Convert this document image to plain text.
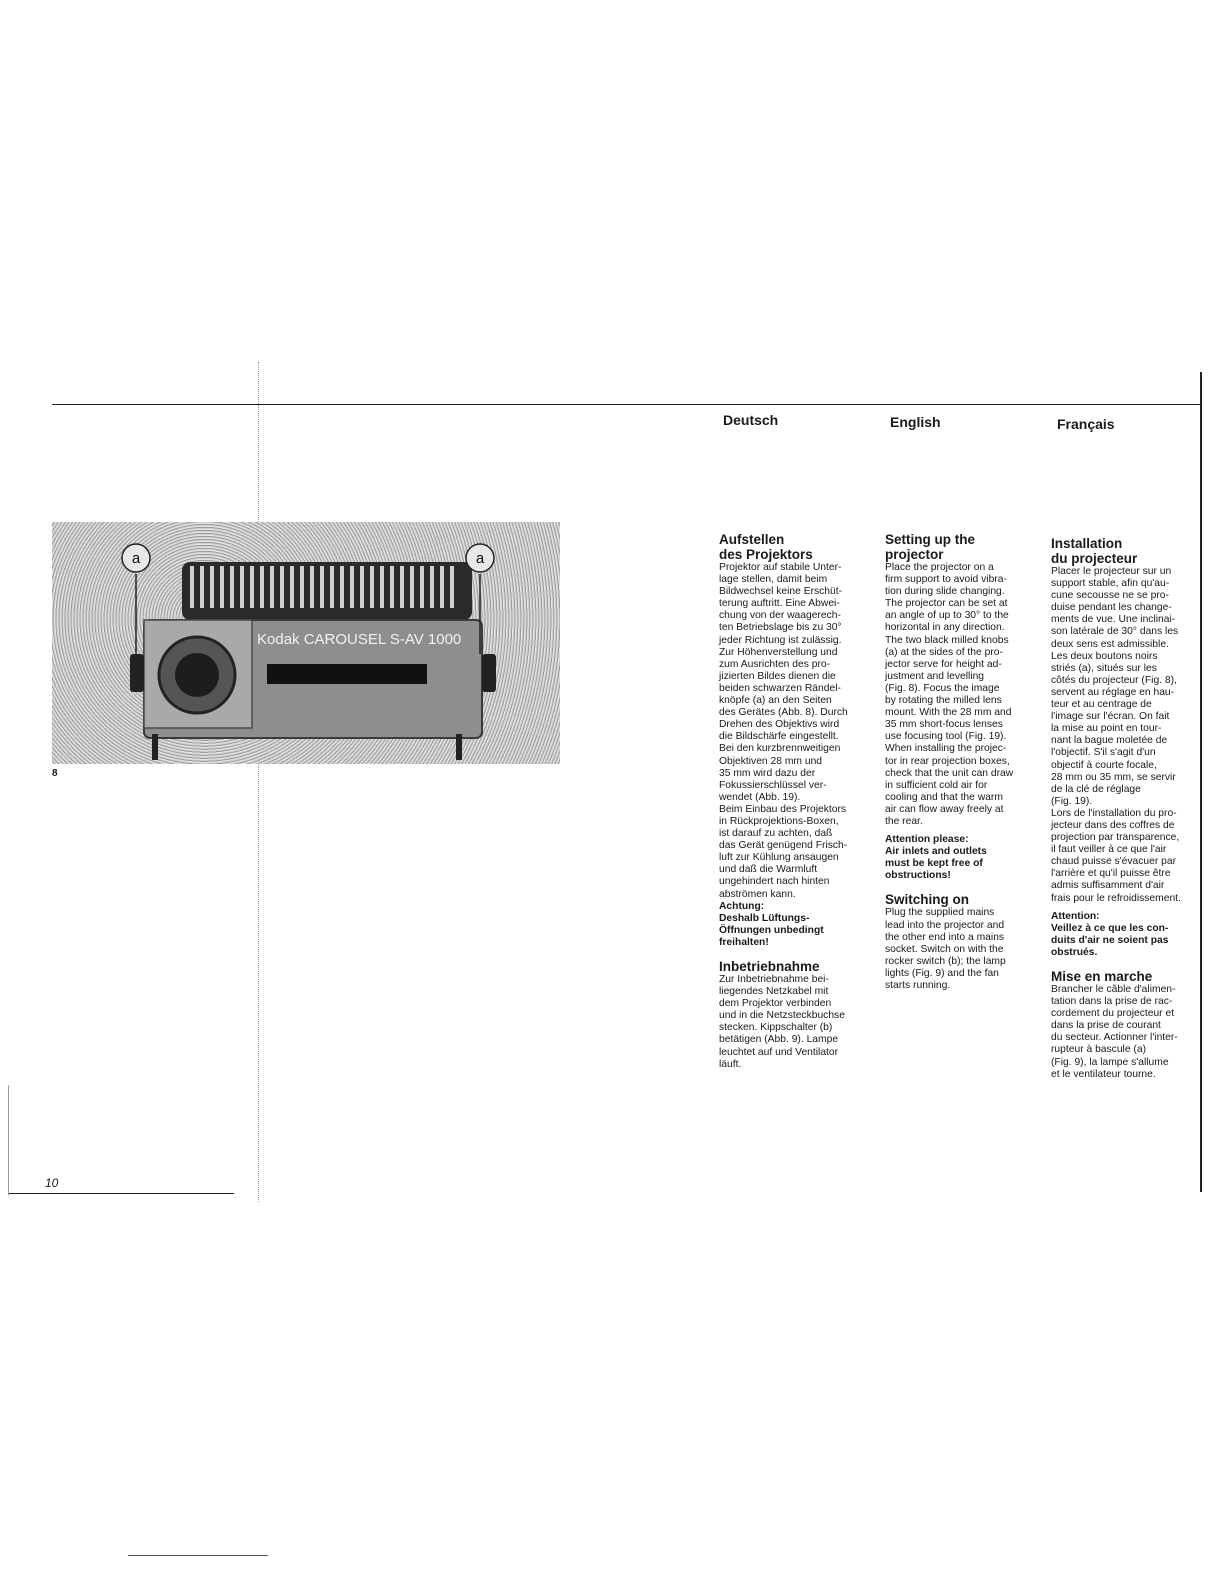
Deutsch	English	Français
Kodak CAROUSEL S-AV 1000
a	a
8
Aufstellen
des Projektors

Projektor auf stabile Unter-
lage stellen, damit beim
Bildwechsel keine Erschüt-
terung auftritt. Eine Abwei-
chung von der waagerech-
ten Betriebslage bis zu 30°
jeder Richtung ist zulässig.
Zur Höhenverstellung und
zum Ausrichten des pro-
jizierten Bildes dienen die
beiden schwarzen Rändel-
knöpfe (a) an den Seiten
des Gerätes (Abb. 8). Durch
Drehen des Objektivs wird
die Bildschärfe eingestellt.
Bei den kurzbrennweitigen
Objektiven 28 mm und
35 mm wird dazu der
Fokussierschlüssel ver-
wendet (Abb. 19).
Beim Einbau des Projektors
in Rückprojektions-Boxen,
ist darauf zu achten, daß
das Gerät genügend Frisch-
luft zur Kühlung ansaugen
und daß die Warmluft
ungehindert nach hinten
abströmen kann.

Achtung:
Deshalb Lüftungs-
Öffnungen unbedingt
freihalten!

Inbetriebnahme

Zur Inbetriebnahme bei-
liegendes Netzkabel mit
dem Projektor verbinden
und in die Netzsteckbuchse
stecken. Kippschalter (b)
betätigen (Abb. 9). Lampe
leuchtet auf und Ventilator
läuft.

Setting up the
projector

Place the projector on a
firm support to avoid vibra-
tion during slide changing.
The projector can be set at
an angle of up to 30° to the
horizontal in any direction.
The two black milled knobs
(a) at the sides of the pro-
jector serve for height ad-
justment and levelling
(Fig. 8). Focus the image
by rotating the milled lens
mount. With the 28 mm and
35 mm short-focus lenses
use focusing tool (Fig. 19).
When installing the projec-
tor in rear projection boxes,
check that the unit can draw
in sufficient cold air for
cooling and that the warm
air can flow away freely at
the rear.

Attention please:
Air inlets and outlets
must be kept free of
obstructions!

Switching on

Plug the supplied mains
lead into the projector and
the other end into a mains
socket. Switch on with the
rocker switch (b); the lamp
lights (Fig. 9) and the fan
starts running.

Installation
du projecteur

Placer le projecteur sur un
support stable, afin qu'au-
cune secousse ne se pro-
duise pendant les change-
ments de vue. Une inclinai-
son latérale de 30° dans les
deux sens est admissible.
Les deux boutons noirs
striés (a), situés sur les
côtés du projecteur (Fig. 8),
servent au réglage en hau-
teur et au centrage de
l'image sur l'écran. On fait
la mise au point en tour-
nant la bague moletée de
l'objectif. S'il s'agit d'un
objectif à courte focale,
28 mm ou 35 mm, se servir
de la clé de réglage
(Fig. 19).
Lors de l'installation du pro-
jecteur dans des coffres de
projection par transparence,
il faut veiller à ce que l'air
chaud puisse s'évacuer par
l'arrière et qu'il puisse être
admis suffisamment d'air
frais pour le refroidissement.

Attention:
Veillez à ce que les con-
duits d'air ne soient pas
obstrués.

Mise en marche

Brancher le câble d'alimen-
tation dans la prise de rac-
cordement du projecteur et
dans la prise de courant
du secteur. Actionner l'inter-
rupteur à bascule (a)
(Fig. 9), la lampe s'allume
et le ventilateur tourne.

10
